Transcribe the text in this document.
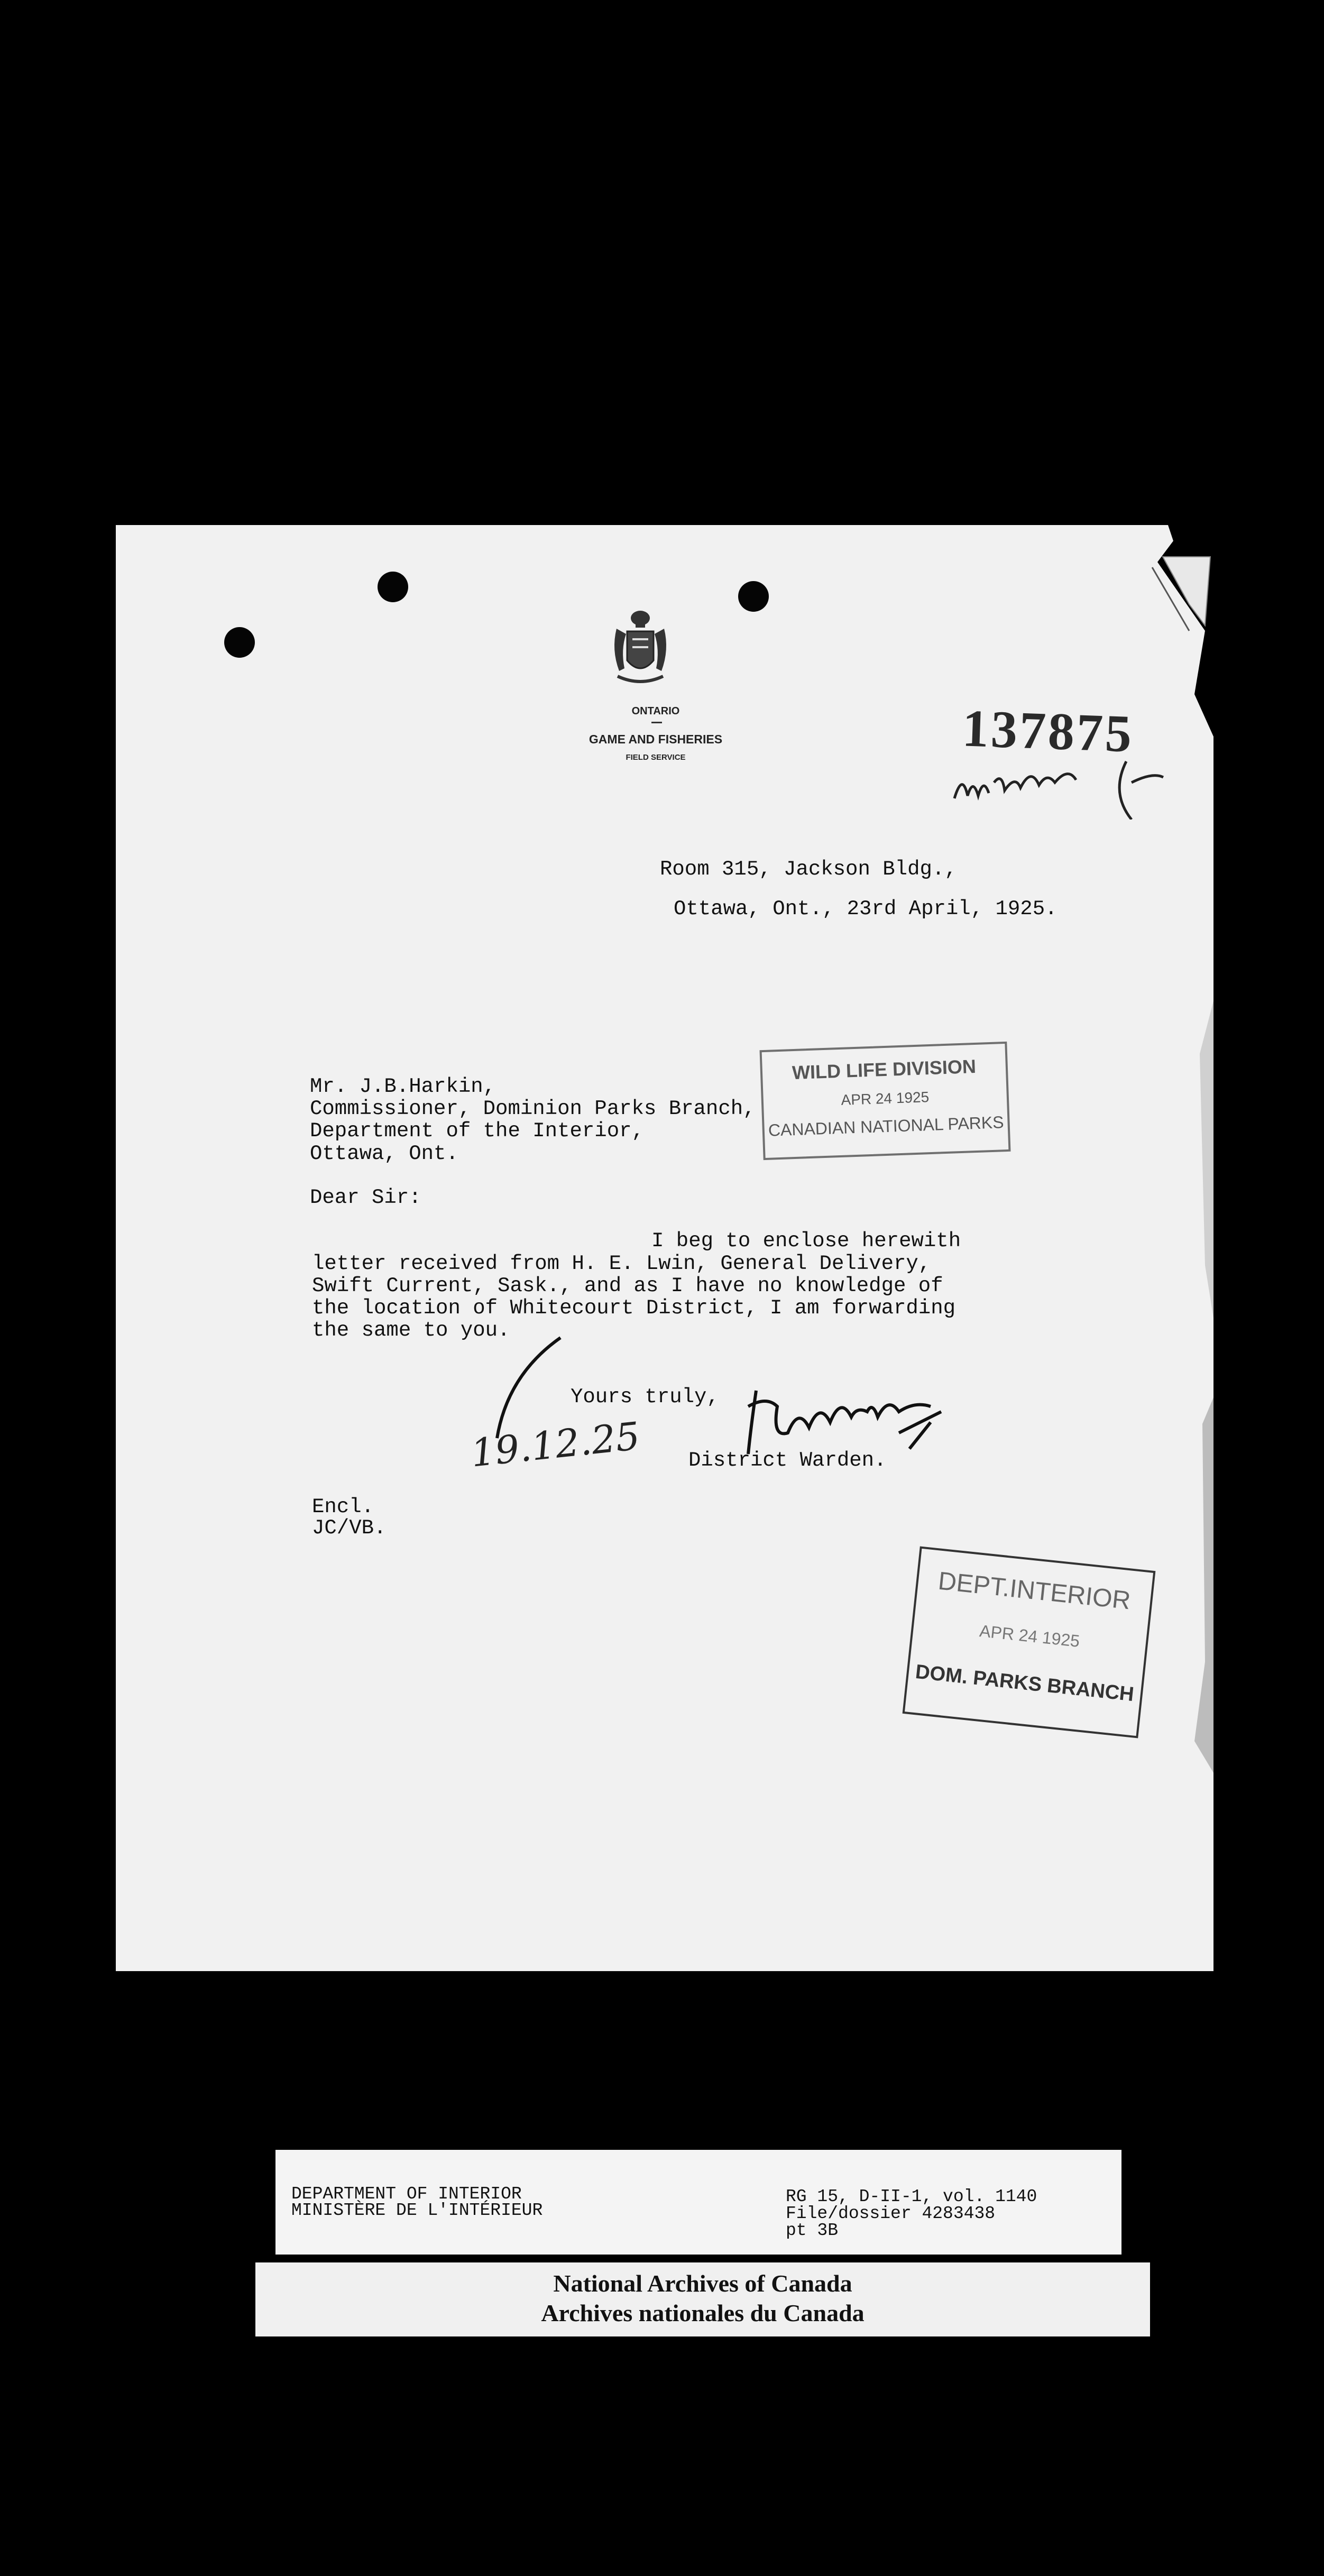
ONTARIO
GAME AND FISHERIES
FIELD SERVICE	137875
Room 315, Jackson Bldg.,
Ottawa, Ont., 23rd April, 1925.
Mr. J.B.Harkin,
Commissioner, Dominion Parks Branch,
Department of the Interior,
Ottawa, Ont.
Dear Sir:
I beg to enclose herewith
letter received from H. E. Lwin, General Delivery,
Swift Current, Sask., and as I have no knowledge of
the location of Whitecourt District, I am forwarding
the same to you.
Yours truly,
District Warden.
19.12.25
Encl.
JC/VB.
WILD LIFE DIVISION
APR 24 1925
CANADIAN NATIONAL PARKS
DEPT.INTERIOR
APR 24 1925
DOM. PARKS BRANCH
DEPARTMENT OF INTERIOR
MINISTÈRE DE L'INTÉRIEUR
RG 15, D-II-1, vol. 1140
File/dossier 4283438
pt 3B
National Archives of Canada
Archives nationales du Canada
